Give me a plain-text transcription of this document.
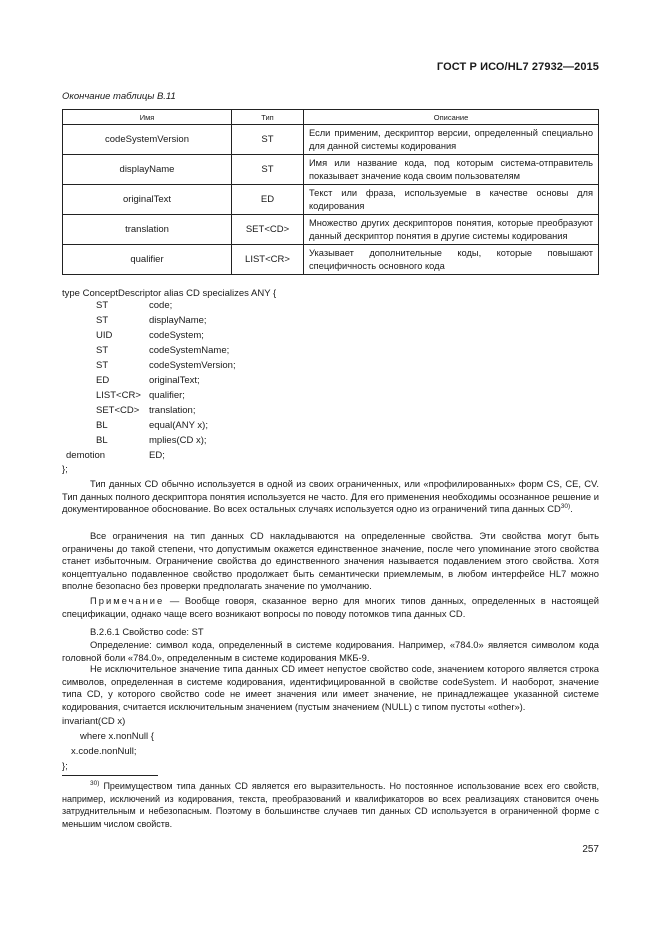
ГОСТ Р ИСО/HL7 27932—2015
Окончание таблицы В.11
Имя	Тип	Описание
codeSystemVersion	ST	Если применим, дескриптор версии, определенный специально для данной системы кодирования
displayName	ST	Имя или название кода, под которым система-отправитель показывает значение кода своим пользователям
originalText	ED	Текст или фраза, используемые в качестве основы для кодирования
translation	SET<CD>	Множество других дескрипторов понятия, которые преобразуют данный дескриптор понятия в другие системы кодирования
qualifier	LIST<CR>	Указывает дополнительные коды, которые повышают специфичность основного кода
type ConceptDescriptor alias CD specializes ANY {
ST	code;
ST	displayName;
UID	codeSystem;
ST	codeSystemName;
ST	codeSystemVersion;
ED	originalText;
LIST<CR> qualifier;
SET<CD> translation;
BL	equal(ANY x);
BL	mplies(CD x);
demotion	ED;
};
Тип данных CD обычно используется в одной из своих ограниченных, или «профилированных» форм CS, CE, CV. Тип данных полного дескриптора понятия используется не часто. Для его применения необходимы осознанное решение и документированное обоснование. Во всех остальных случаях используется одно из ограничений типа данных CD$^{30)}$.
Все ограничения на тип данных CD накладываются на определенные свойства. Эти свойства могут быть ограничены до такой степени, что допустимым окажется единственное значение, после чего упоминание этого свойства станет избыточным. Ограничение свойства до единственного значения называется подавлением этого свойства. Хотя концептуально подавленное свойство продолжает быть семантически приемлемым, в любом интерфейсе HL7 можно вполне безопасно без проверки предполагать значение по умолчанию.
Примечание — Вообще говоря, сказанное верно для многих типов данных, определенных в настоящей спецификации, однако чаще всего возникают вопросы по поводу потомков типа данных CD.
В.2.6.1 Свойство code: ST
Определение: символ кода, определенный в системе кодирования. Например, «784.0» является символом кода головной боли «784.0», определенным в системе кодирования МКБ-9.
Не исключительное значение типа данных CD имеет непустое свойство code, значением которого является строка символов, определенная в системе кодирования, идентифицированной в свойстве codeSystem. И наоборот, значение типа CD, у которого свойство code не имеет значения или имеет значение, не принадлежащее указанной системе кодирования, считается исключительным значением (пустым значением (NULL) с типом пустоты «other»).
invariant(CD x)
where x.nonNull {
x.code.nonNull;
};
$^{30)}$ Преимуществом типа данных CD является его выразительность. Но постоянное использование всех его свойств, например, исключений из кодирования, текста, преобразований и квалификаторов во всех реализациях становится очень затруднительным и небезопасным. Поэтому в большинстве случаев тип данных CD используется в ограниченной форме с меньшим числом свойств.
257
